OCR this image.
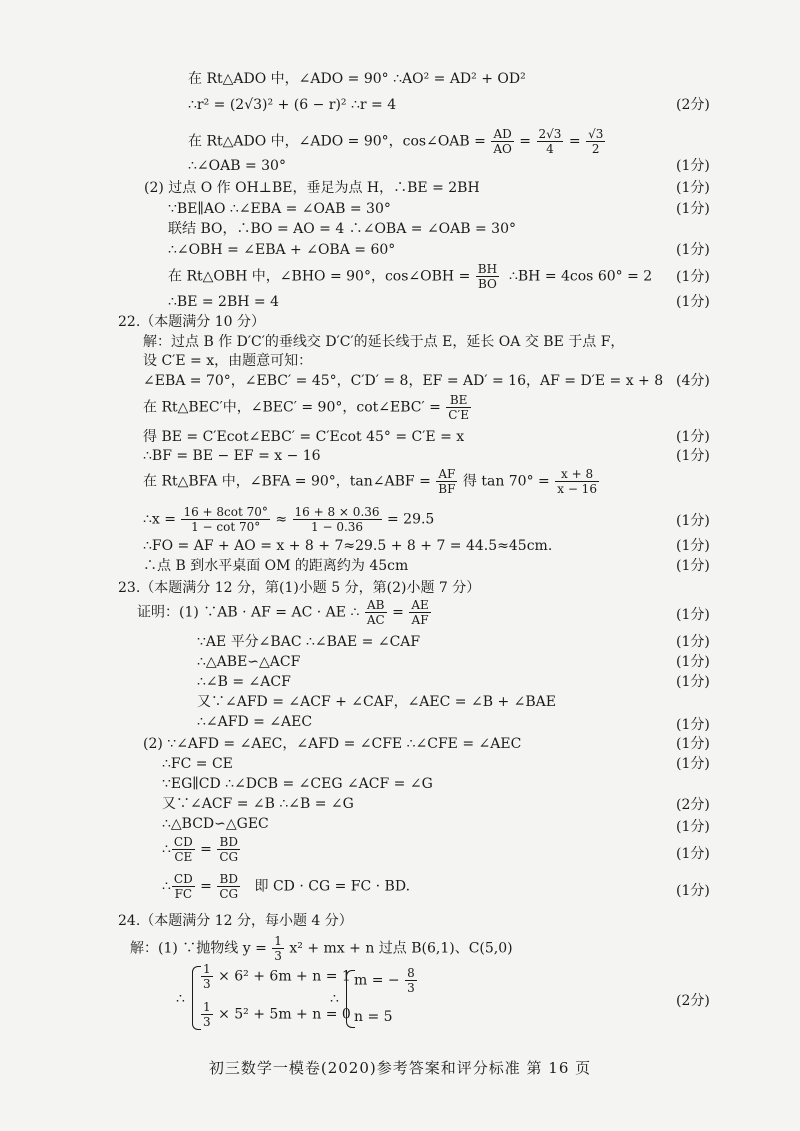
在 Rt△ADO 中，∠ADO = 90° ∴AO² = AD² + OD²
∴r² = (2√3)² + (6 − r)² ∴r = 4	(2分)
在 Rt△ADO 中，∠ADO = 90°，cos∠OAB = $\frac{AD}{AO} = \frac{2√3}{4} = \frac{√3}{2}$
∴∠OAB = 30°	(1分)
(2) 过点 O 作 OH⊥BE，垂足为点 H，∴BE = 2BH	(1分)
∵BE∥AO ∴∠EBA = ∠OAB = 30°	(1分)
联结 BO，∴BO = AO = 4 ∴∠OBA = ∠OAB = 30°
∴∠OBH = ∠EBA + ∠OBA = 60°	(1分)
在 Rt△OBH 中，∠BHO = 90°，cos∠OBH = $\frac{BH}{BO}$ ∴BH = 4cos 60° = 2 (1分)
∴BE = 2BH = 4	(1分)
22.（本题满分 10 分）
解：过点 B 作 D′C′的垂线交 D′C′的延长线于点 E，延长 OA 交 BE 于点 F，
设 C′E = x，由题意可知：
∠EBA = 70°，∠EBC′ = 45°，C′D′ = 8，EF = AD′ = 16，AF = D′E = x + 8 (4分)
在 Rt△BEC′中，∠BEC′ = 90°，cot∠EBC′ = $\frac{BE}{C'E}$
得 BE = C′Ecot∠EBC′ = C′Ecot 45° = C′E = x	(1分)
∴BF = BE − EF = x − 16	(1分)
在 Rt△BFA 中，∠BFA = 90°，tan∠ABF = $\frac{AF}{BF}$ 得 $\tan 70^\circ = \frac{x + 8}{x - 16}$
∴x = $\frac{16 + 8\cot 70^\circ}{1 - \cot 70^\circ} \approx \frac{16 + 8 \times 0.36}{1 - 0.36} = 29.5$	(1分)
∴FO = AF + AO = x + 8 + 7≈29.5 + 8 + 7 = 44.5≈45cm.	(1分)
∴点 B 到水平桌面 OM 的距离约为 45cm	(1分)
23.（本题满分 12 分，第(1)小题 5 分，第(2)小题 7 分）
证明：(1) ∵AB · AF = AC · AE ∴ $\frac{AB}{AC} = \frac{AE}{AF}$	(1分)
∵AE 平分∠BAC ∴∠BAE = ∠CAF	(1分)
∴△ABE∽△ACF	(1分)
∴∠B = ∠ACF	(1分)
又∵∠AFD = ∠ACF + ∠CAF，∠AEC = ∠B + ∠BAE
∴∠AFD = ∠AEC	(1分)
(2) ∵∠AFD = ∠AEC，∠AFD = ∠CFE ∴∠CFE = ∠AEC	(1分)
∴FC = CE	(1分)
∵EG∥CD ∴∠DCB = ∠CEG ∠ACF = ∠G
又∵∠ACF = ∠B ∴∠B = ∠G	(2分)
∴△BCD∽△GEC	(1分)
∴ $\frac{CD}{CE} = \frac{BD}{CG}$	(1分)
∴ $\frac{CD}{FC} = \frac{BD}{CG}$ 即 CD · CG = FC · BD.	(1分)
24.（本题满分 12 分，每小题 4 分）
解：(1) ∵抛物线 $y = \frac{1}{3} x^2$ + mx + n 过点 B(6,1)、C(5,0)
∴
$\frac{1}{3} \times 6^2 + 6m + n = 1$
$\frac{1}{3} \times 5^2 + 5m + n = 0$
∴
m = − $\frac{8}{3}$
n = 5
(2分)
初三数学一模卷(2020)参考答案和评分标准 第 16 页
